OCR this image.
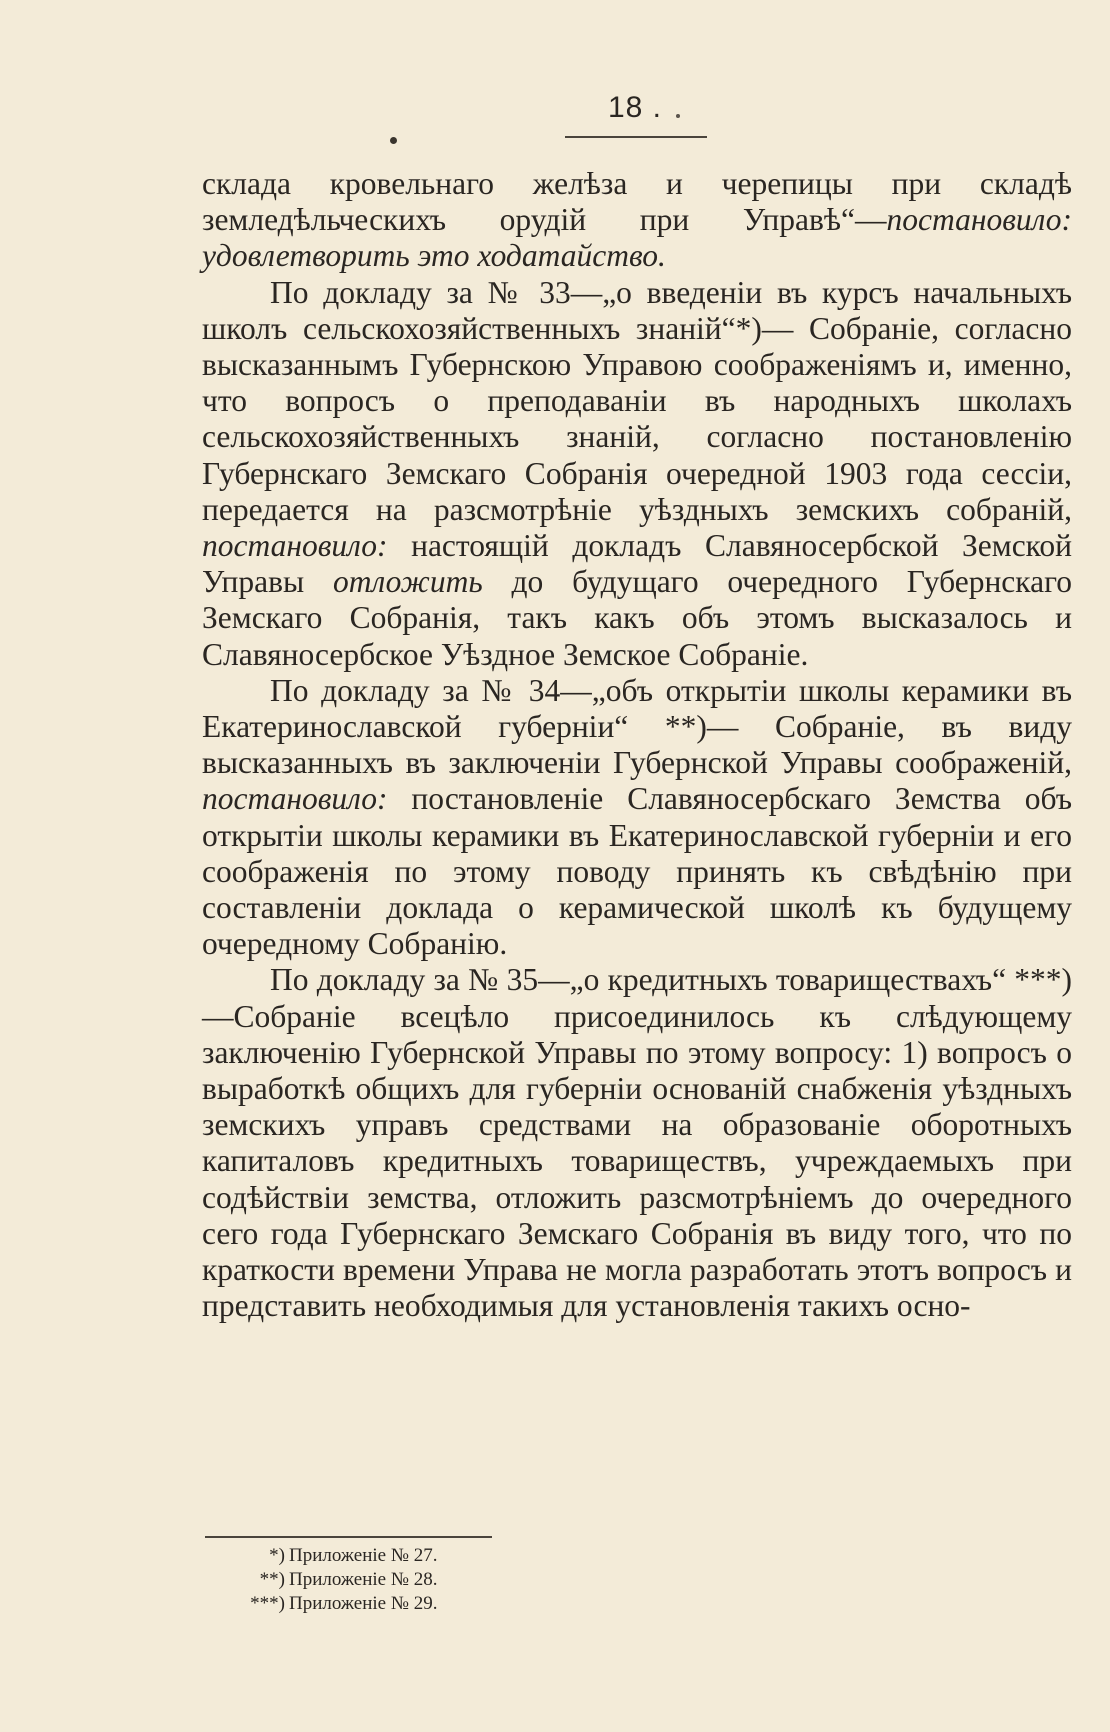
18 .

склада кровельнаго желѣза и черепицы при складѣ земледѣльческихъ орудій при Управѣ“—постановило: удовлетворить это ходатайство.

По докладу за № 33—„о введеніи въ курсъ начальныхъ школъ сельскохозяйственныхъ знаній“*)— Собраніе, согласно высказаннымъ Губернскою Управою соображеніямъ и, именно, что вопросъ о преподаваніи въ народныхъ школахъ сельскохозяйственныхъ знаній, согласно постановленію Губернскаго Земскаго Собранія очередной 1903 года сессіи, передается на разсмотрѣніе уѣздныхъ земскихъ собраній, постановило: настоящій докладъ Славяносербской Земской Управы отложить до будущаго очередного Губернскаго Земскаго Собранія, такъ какъ объ этомъ высказалось и Славяносербское Уѣздное Земское Собраніе.

По докладу за № 34—„объ открытіи школы керамики въ Екатеринославской губерніи“ **)— Собраніе, въ виду высказанныхъ въ заключеніи Губернской Управы соображеній, постановило: постановленіе Славяносербскаго Земства объ открытіи школы керамики въ Екатеринославской губерніи и его соображенія по этому поводу принять къ свѣдѣнію при составленіи доклада о керамической школѣ къ будущему очередному Собранію.

По докладу за № 35—„о кредитныхъ товариществахъ“ ***)—Собраніе всецѣло присоединилось къ слѣдующему заключенію Губернской Управы по этому вопросу: 1) вопросъ о выработкѣ общихъ для губерніи основаній снабженія уѣздныхъ земскихъ управъ средствами на образованіе оборотныхъ капиталовъ кредитныхъ товариществъ, учреждаемыхъ при содѣйствіи земства, отложить разсмотрѣніемъ до очередного сего года Губернскаго Земскаго Собранія въ виду того, что по краткости времени Управа не могла разработать этотъ вопросъ и представить необходимыя для установленія такихъ осно-

*) Приложеніе № 27.
**) Приложеніе № 28.
***) Приложеніе № 29.
